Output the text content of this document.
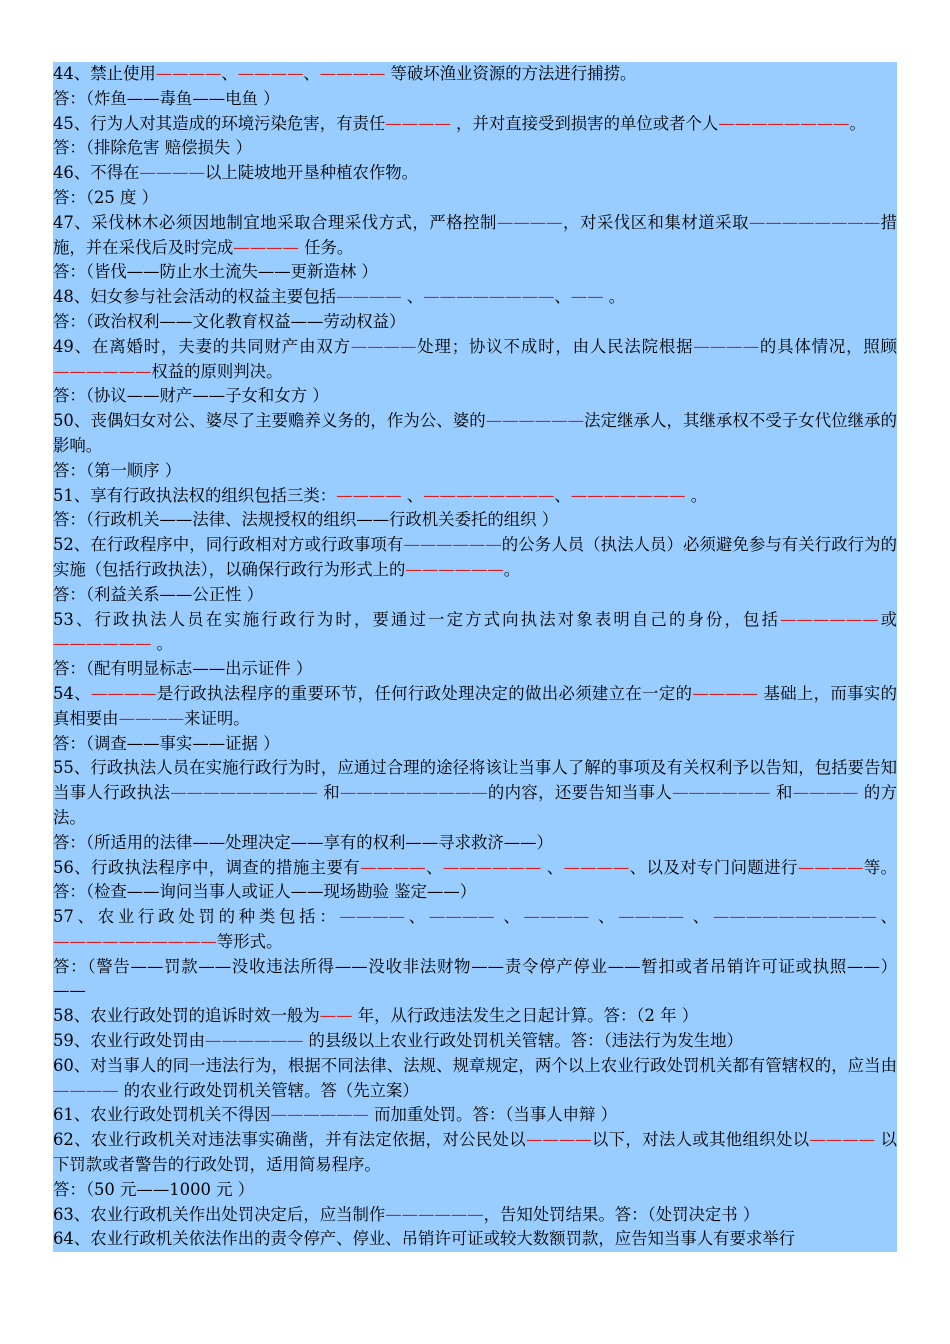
44、禁止使用————、————、———— 等破坏渔业资源的方法进行捕捞。
答：（炸鱼——毒鱼——电鱼 ）
45、行为人对其造成的环境污染危害，有责任———— ，并对直接受到损害的单位或者个人————————。
答：（排除危害 赔偿损失 ）
46、不得在————以上陡坡地开垦种植农作物。
答：（25 度 ）
47、采伐林木必须因地制宜地采取合理采伐方式，严格控制————，对采伐区和集材道采取————————措施，并在采伐后及时完成———— 任务。
答：（皆伐——防止水土流失——更新造林 ）
48、妇女参与社会活动的权益主要包括———— 、————————、—— 。
答：（政治权利——文化教育权益——劳动权益）
49、在离婚时，夫妻的共同财产由双方————处理；协议不成时，由人民法院根据————的具体情况，照顾——————权益的原则判决。
答：（协议——财产——子女和女方 ）
50、丧偶妇女对公、婆尽了主要赡养义务的，作为公、婆的——————法定继承人，其继承权不受子女代位继承的影响。
答：（第一顺序 ）
51、享有行政执法权的组织包括三类：———— 、————————、——————— 。
答：（行政机关——法律、法规授权的组织——行政机关委托的组织 ）
52、在行政程序中，同行政相对方或行政事项有——————的公务人员（执法人员）必须避免参与有关行政行为的实施（包括行政执法），以确保行政行为形式上的——————。
答：（利益关系——公正性 ）
53、行政执法人员在实施行政行为时，要通过一定方式向执法对象表明自己的身份，包括——————或—————— 。
答：（配有明显标志——出示证件 ）
54、————是行政执法程序的重要环节，任何行政处理决定的做出必须建立在一定的———— 基础上，而事实的真相要由————来证明。
答：（调查——事实——证据 ）
55、行政执法人员在实施行政行为时，应通过合理的途径将该让当事人了解的事项及有关权利予以告知，包括要告知当事人行政执法————————— 和—————————的内容，还要告知当事人—————— 和———— 的方法。
答：（所适用的法律——处理决定——享有的权利——寻求救济——）
56、行政执法程序中，调查的措施主要有————、—————— 、————、以及对专门问题进行————等。答：（检查——询问当事人或证人——现场勘验 鉴定——）
57、农业行政处罚的种类包括：————、———— 、———— 、———— 、——————————、——————————等形式。
答：（警告——罚款——没收违法所得——没收非法财物——责令停产停业——暂扣或者吊销许可证或执照——）——
58、农业行政处罚的追诉时效一般为—— 年，从行政违法发生之日起计算。答：（2 年 ）
59、农业行政处罚由—————— 的县级以上农业行政处罚机关管辖。答：（违法行为发生地）
60、对当事人的同一违法行为，根据不同法律、法规、规章规定，两个以上农业行政处罚机关都有管辖权的，应当由———— 的农业行政处罚机关管辖。答（先立案）
61、农业行政处罚机关不得因—————— 而加重处罚。答：（当事人申辩 ）
62、农业行政机关对违法事实确凿，并有法定依据，对公民处以————以下，对法人或其他组织处以———— 以下罚款或者警告的行政处罚，适用简易程序。
答：（50 元——1000 元 ）
63、农业行政机关作出处罚决定后，应当制作——————，告知处罚结果。答：（处罚决定书 ）
64、农业行政机关依法作出的责令停产、停业、吊销许可证或较大数额罚款，应告知当事人有要求举行
